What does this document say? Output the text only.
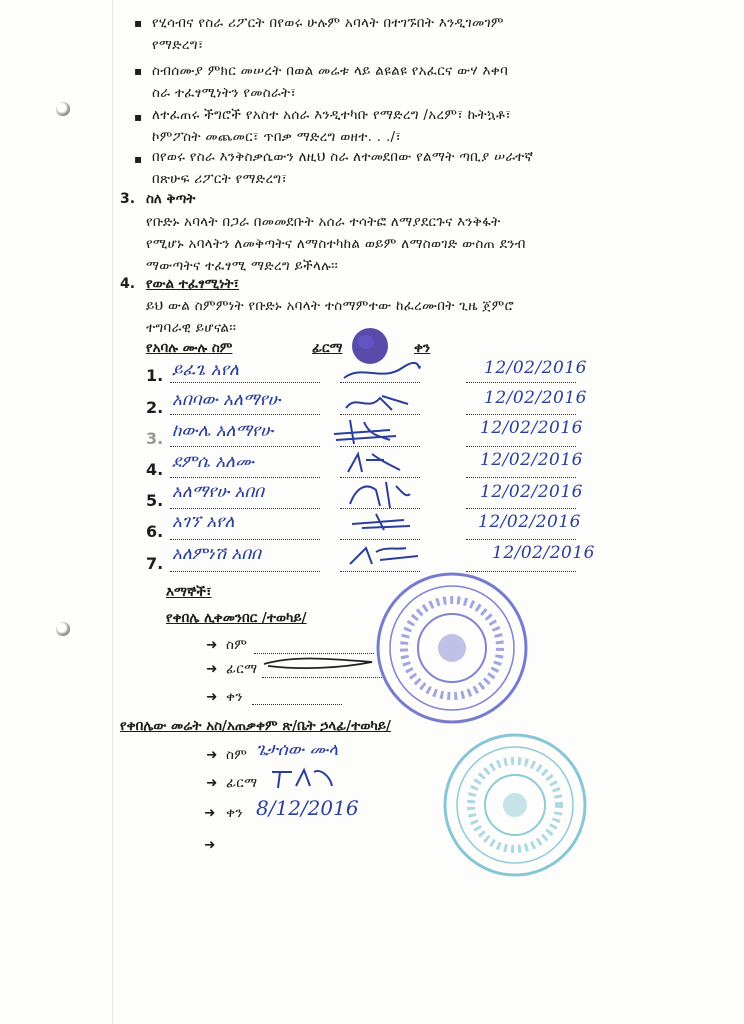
▪ የሂሳብና የስራ ሪፖርት በየወሩ ሁሉም አባላት በተገኙበት እንዲገመገም
የማድረግ፣
▪ ስብሰሙያ ምክር መሠረት በወል መሬቱ ላይ ልዩልዩ የአፈርና ውሃ እቀባ
ስራ ተፈፃሚነትን የመስራት፣
▪ ለተፈጠሩ ችግሮች የአስተ አሰራ እንዲተካቡ የማድረግ /አረም፣ ኩትኳቶ፣
ኮምፖስት መጨመር፣ ጥበቃ ማድረግ ወዘተ. . ./፣
▪ በየወሩ የስራ እንቅስቃሴውን ለዚህ ስራ ለተመደበው የልማት ጣቢያ ሠራተኛ
በጽሁፍ ሪፖርት የማድረግ፣
3. ስለ ቅጣት
የቡድኑ አባላት በጋራ በመመደቡት አሰራ ተሳትፎ ለማያደርጉና እንቅፋት
የሚሆኑ አባላትን ለመቅጣትና ለማስተካከል ወይም ለማስወገድ ውስጠ ደንብ
ማውጣትና ተፈፃሚ ማድረግ ይችላሉ፡፡
4. የውል ተፈፃሚነት፣
ይህ ውል ስምምነት የቡድኑ አባላት ተስማምተው ከፈረሙበት ጊዜ ጀምሮ
ተግባራዊ ይሆናል፡፡
የአባሉ ሙሉ ስም	ፊርማ	ቀን
1. ይፈጌ አየለ	12/02/2016
2. አበባው አለማየሁ	12/02/2016
3. ከውሌ አለማየሁ	12/02/2016
4. ደምሴ አለሙ	12/02/2016
5. አለማየሁ አበበ	12/02/2016
6. አገኘ አየለ	12/02/2016
7. አለምነሽ አበበ	12/02/2016
እማኞች፣
የቀበሌ ሊቀመንበር /ተወካይ/
➜ ስም
➜ ፊርማ
➜ ቀን
የቀበሌው መሬት አስ/አጠቃቀም ጽ/ቤት ኃላፊ/ተወካይ/
➜ ስም ጌታሰው ሙላ
➜ ፊርማ
➜ ቀን 8/12/2016
➜
